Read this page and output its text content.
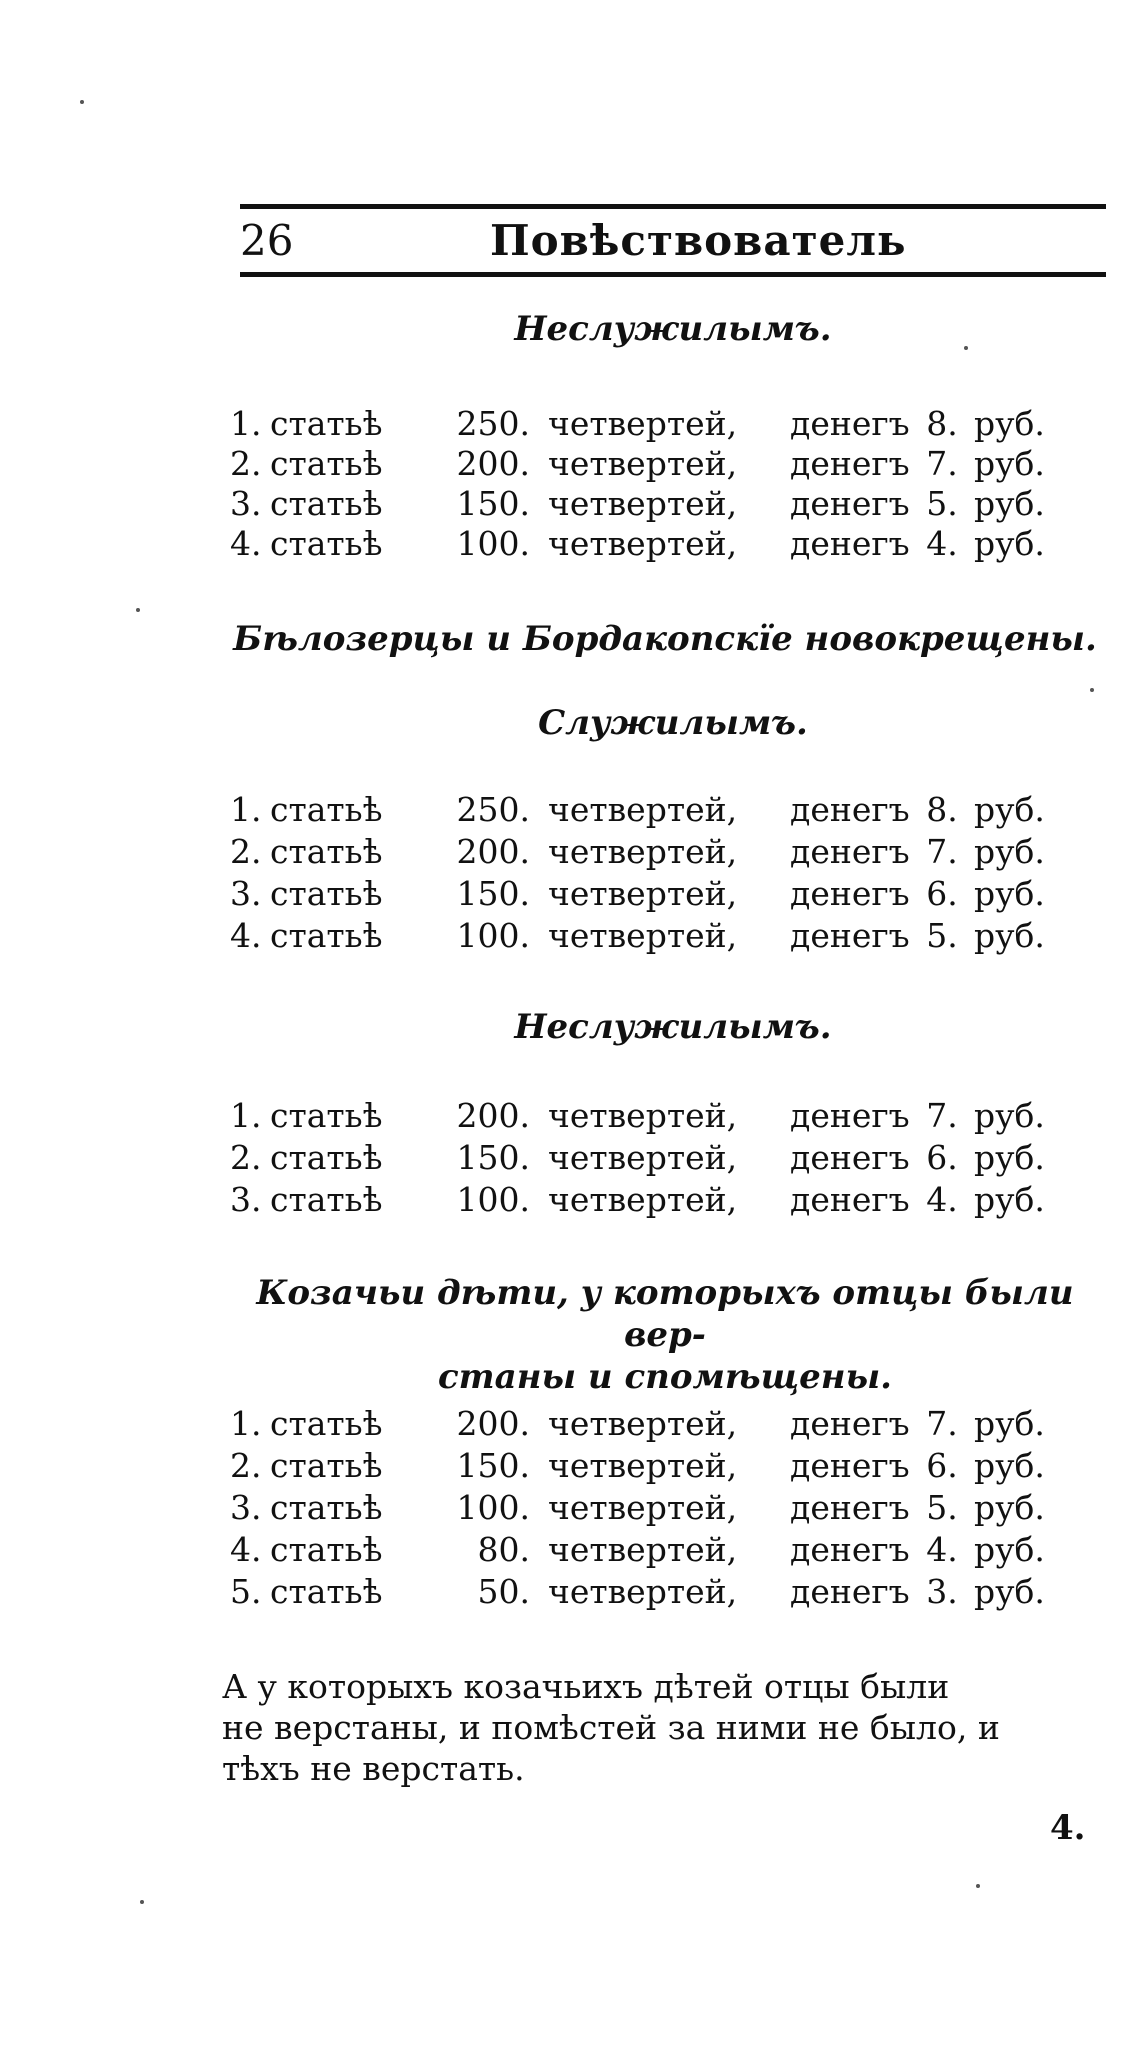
26	Повѣствователь
Неслужилымъ.
1. статьѣ	250. четвертей, денегъ 8. руб.
2. статьѣ	200. четвертей, денегъ 7. руб.
3. статьѣ	150. четвертей, денегъ 5. руб.
4. статьѣ	100. четвертей, денегъ 4. руб.
Бѣлозерцы и Бордакопскїе новокрещены.
Служилымъ.
1. статьѣ	250. четвертей, денегъ 8. руб.
2. статьѣ	200. четвертей, денегъ 7. руб.
3. статьѣ	150. четвертей, денегъ 6. руб.
4. статьѣ	100. четвертей, денегъ 5. руб.
Неслужилымъ.
1. статьѣ	200. четвертей, денегъ 7. руб.
2. статьѣ	150. четвертей, денегъ 6. руб.
3. статьѣ	100. четвертей, денегъ 4. руб.
Козачьи дѣти, у которыхъ отцы были вер-
станы и спомѣщены.
1. статьѣ	200. четвертей, денегъ 7. руб.
2. статьѣ	150. четвертей, денегъ 6. руб.
3. статьѣ	100. четвертей, денегъ 5. руб.
4. статьѣ	80. четвертей, денегъ 4. руб.
5. статьѣ	50. четвертей, денегъ 3. руб.
А у которыхъ козачьихъ дѣтей отцы были
не верстаны, и помѣстей за ними не было, и
тѣхъ не верстать.
4.
